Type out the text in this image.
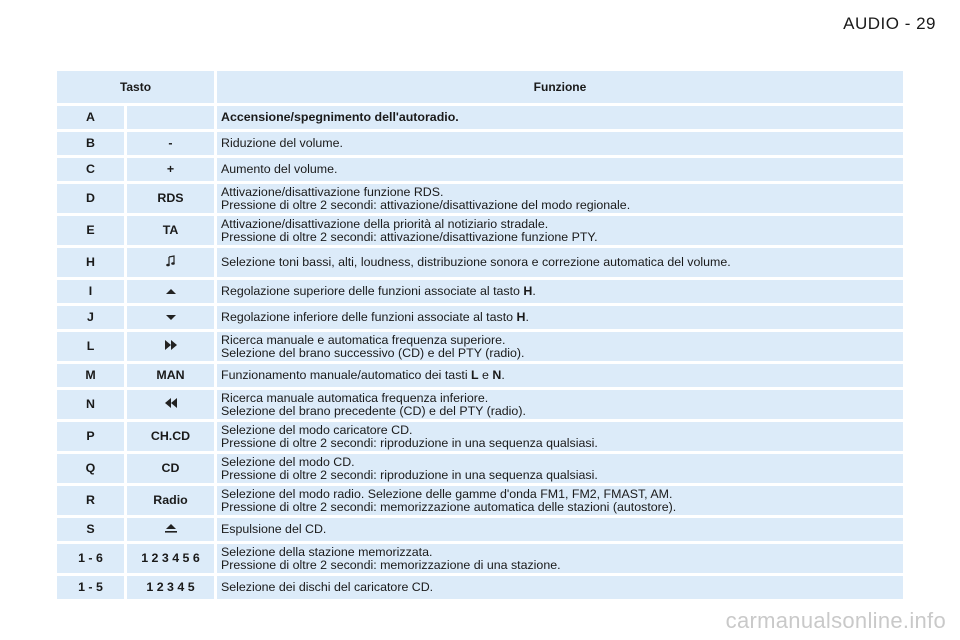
AUDIO - 29
Tasto		Funzione
A		Accensione/spegnimento dell'autoradio.

B	-	Riduzione del volume.

C	+	Aumento del volume.

D	RDS	Attivazione/disattivazione funzione RDS.
Pressione di oltre 2 secondi: attivazione/disattivazione del modo regionale.

E	TA	Attivazione/disattivazione della priorità al notiziario stradale.
Pressione di oltre 2 secondi: attivazione/disattivazione funzione PTY.

H		Selezione toni bassi, alti, loudness, distribuzione sonora e correzione automatica del volume.

I		Regolazione superiore delle funzioni associate al tasto H.

J		Regolazione inferiore delle funzioni associate al tasto H.

L		Ricerca manuale e automatica frequenza superiore.
Selezione del brano successivo (CD) e del PTY (radio).

M	MAN	Funzionamento manuale/automatico dei tasti L e N.

N		Ricerca manuale automatica frequenza inferiore.
Selezione del brano precedente (CD) e del PTY (radio).

P	CH.CD	Selezione del modo caricatore CD.
Pressione di oltre 2 secondi: riproduzione in una sequenza qualsiasi.

Q	CD	Selezione del modo CD.
Pressione di oltre 2 secondi: riproduzione in una sequenza qualsiasi.

R	Radio	Selezione del modo radio. Selezione delle gamme d'onda FM1, FM2, FMAST, AM.
Pressione di oltre 2 secondi: memorizzazione automatica delle stazioni (autostore).

S		Espulsione del CD.

1 - 6	1 2 3 4 5 6	Selezione della stazione memorizzata.
Pressione di oltre 2 secondi: memorizzazione di una stazione.

1 - 5	1 2 3 4 5	Selezione dei dischi del caricatore CD.
carmanualsonline.info
